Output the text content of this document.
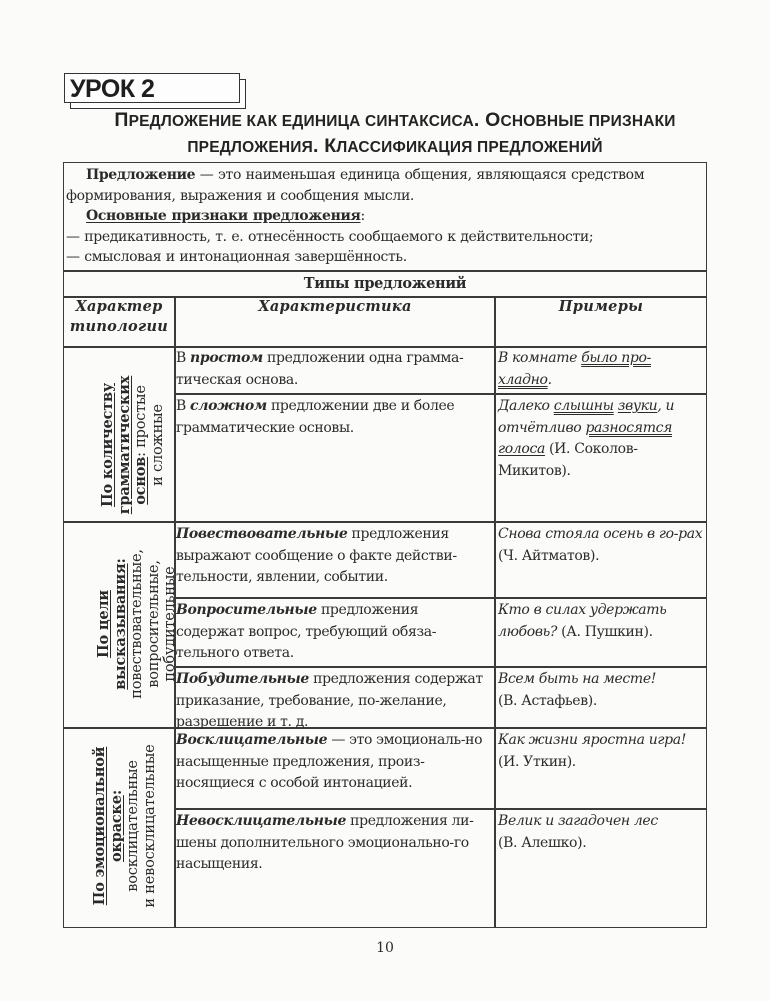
УРОК 2
ПРЕДЛОЖЕНИЕ КАК ЕДИНИЦА СИНТАКСИСА. ОСНОВНЫЕ ПРИЗНАКИ
ПРЕДЛОЖЕНИЯ. КЛАССИФИКАЦИЯ ПРЕДЛОЖЕНИЙ

Предложение — это наименьшая единица общения, являющаяся средством

формирования, выражения и сообщения мысли.

Основные признаки предложения:

— предикативность, т. е. отнесённость сообщаемого к действительности;

— смысловая и интонационная завершённость.

Типы предложений
Характер
типологии
Характеристика	Примеры
По количеству грамматических основ: простые и сложные
В простом предложении одна грамма-тическая основа.
В комнате было про-хладно.
В сложном предложении две и более грамматические основы.
Далеко слышны звуки, и отчётливо разносятся голоса (И. Соколов-Микитов).
По цели высказывания: повествовательные, вопросительные, побудительные
Повествовательные предложения выражают сообщение о факте действи-тельности, явлении, событии.
Снова стояла осень в го-рах (Ч. Айтматов).
Вопросительные предложения содержат вопрос, требующий обяза-тельного ответа.
Кто в силах удержать любовь? (А. Пушкин).
Побудительные предложения содержат приказание, требование, по-желание, разрешение и т. д.
Всем быть на месте!
(В. Астафьев).
По эмоциональной окраске: восклицательные и невосклицательные
Восклицательные — это эмоциональ-но насыщенные предложения, произ-носящиеся с особой интонацией.
Как жизни яростна игра! (И. Уткин).
Невосклицательные предложения ли-шены дополнительного эмоционально-го насыщения.
Велик и загадочен лес
(В. Алешко).
10
